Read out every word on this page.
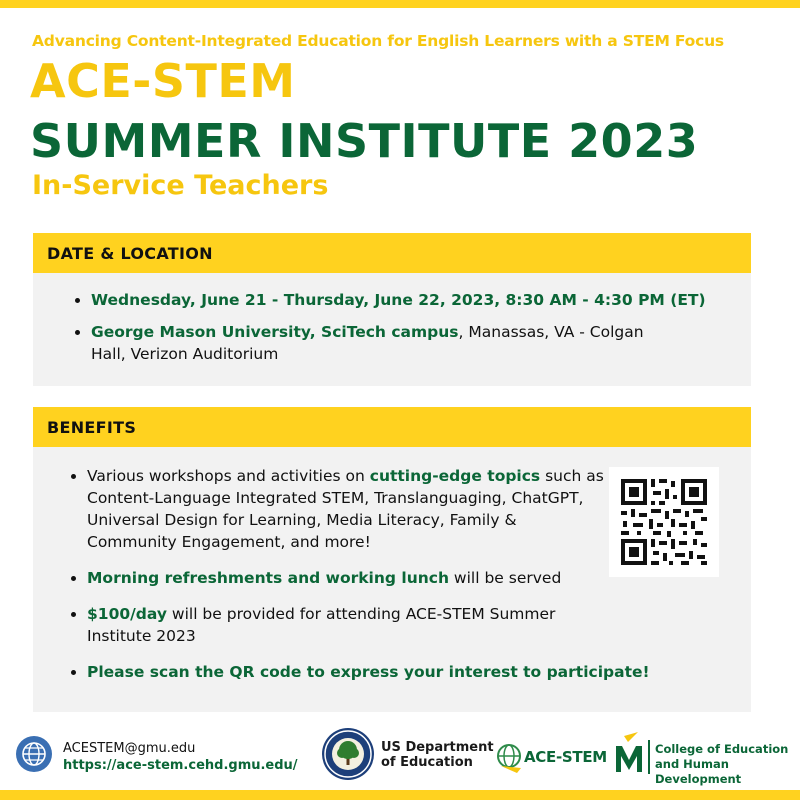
Advancing Content-Integrated Education for English Learners with a STEM Focus
ACE-STEM
SUMMER INSTITUTE 2023
In-Service Teachers
DATE & LOCATION
Wednesday, June 21 - Thursday, June 22, 2023, 8:30 AM - 4:30 PM (ET)
George Mason University, SciTech campus, Manassas, VA - Colgan Hall, Verizon Auditorium
BENEFITS
Various workshops and activities on cutting-edge topics such as Content-Language Integrated STEM, Translanguaging, ChatGPT, Universal Design for Learning, Media Literacy, Family & Community Engagement, and more!
Morning refreshments and working lunch will be served
$100/day will be provided for attending ACE-STEM Summer Institute 2023
Please scan the QR code to express your interest to participate!
ACESTEM@gmu.edu
https://ace-stem.cehd.gmu.edu/
US Department
of Education	ACE-STEM	College of Education
and Human Development
